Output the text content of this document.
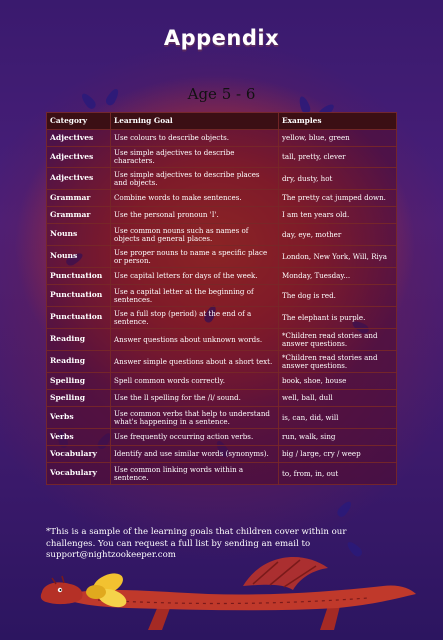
Appendix
Age 5 - 6
Category	Learning Goal	Examples
Adjectives	Use colours to describe objects.	yellow, blue, green
Adjectives	Use simple adjectives to describe characters.	tall, pretty, clever
Adjectives	Use simple adjectives to describe places and objects.	dry, dusty, hot
Grammar	Combine words to make sentences.	The pretty cat jumped down.
Grammar	Use the personal pronoun 'I'.	I am ten years old.
Nouns	Use common nouns such as names of objects and general places.	day, eye, mother
Nouns	Use proper nouns to name a specific place or person.	London, New York, Will, Riya
Punctuation	Use capital letters for days of the week.	Monday, Tuesday...
Punctuation	Use a capital letter at the beginning of sentences.	The dog is red.
Punctuation	Use a full stop (period) at the end of a sentence.	The elephant is purple.
Reading	Answer questions about unknown words.	*Children read stories and answer questions.
Reading	Answer simple questions about a short text.	*Children read stories and answer questions.
Spelling	Spell common words correctly.	book, shoe, house
Spelling	Use the ll spelling for the /l/ sound.	well, ball, dull
Verbs	Use common verbs that help to understand what's happening in a sentence.	is, can, did, will
Verbs	Use frequently occurring action verbs.	run, walk, sing
Vocabulary	Identify and use similar words (synonyms).	big / large, cry / weep
Vocabulary	Use common linking words within a sentence.	to, from, in, out
*This is a sample of the learning goals that children cover within our challenges. You can request a full list by sending an email to support@nightzookeeper.com
